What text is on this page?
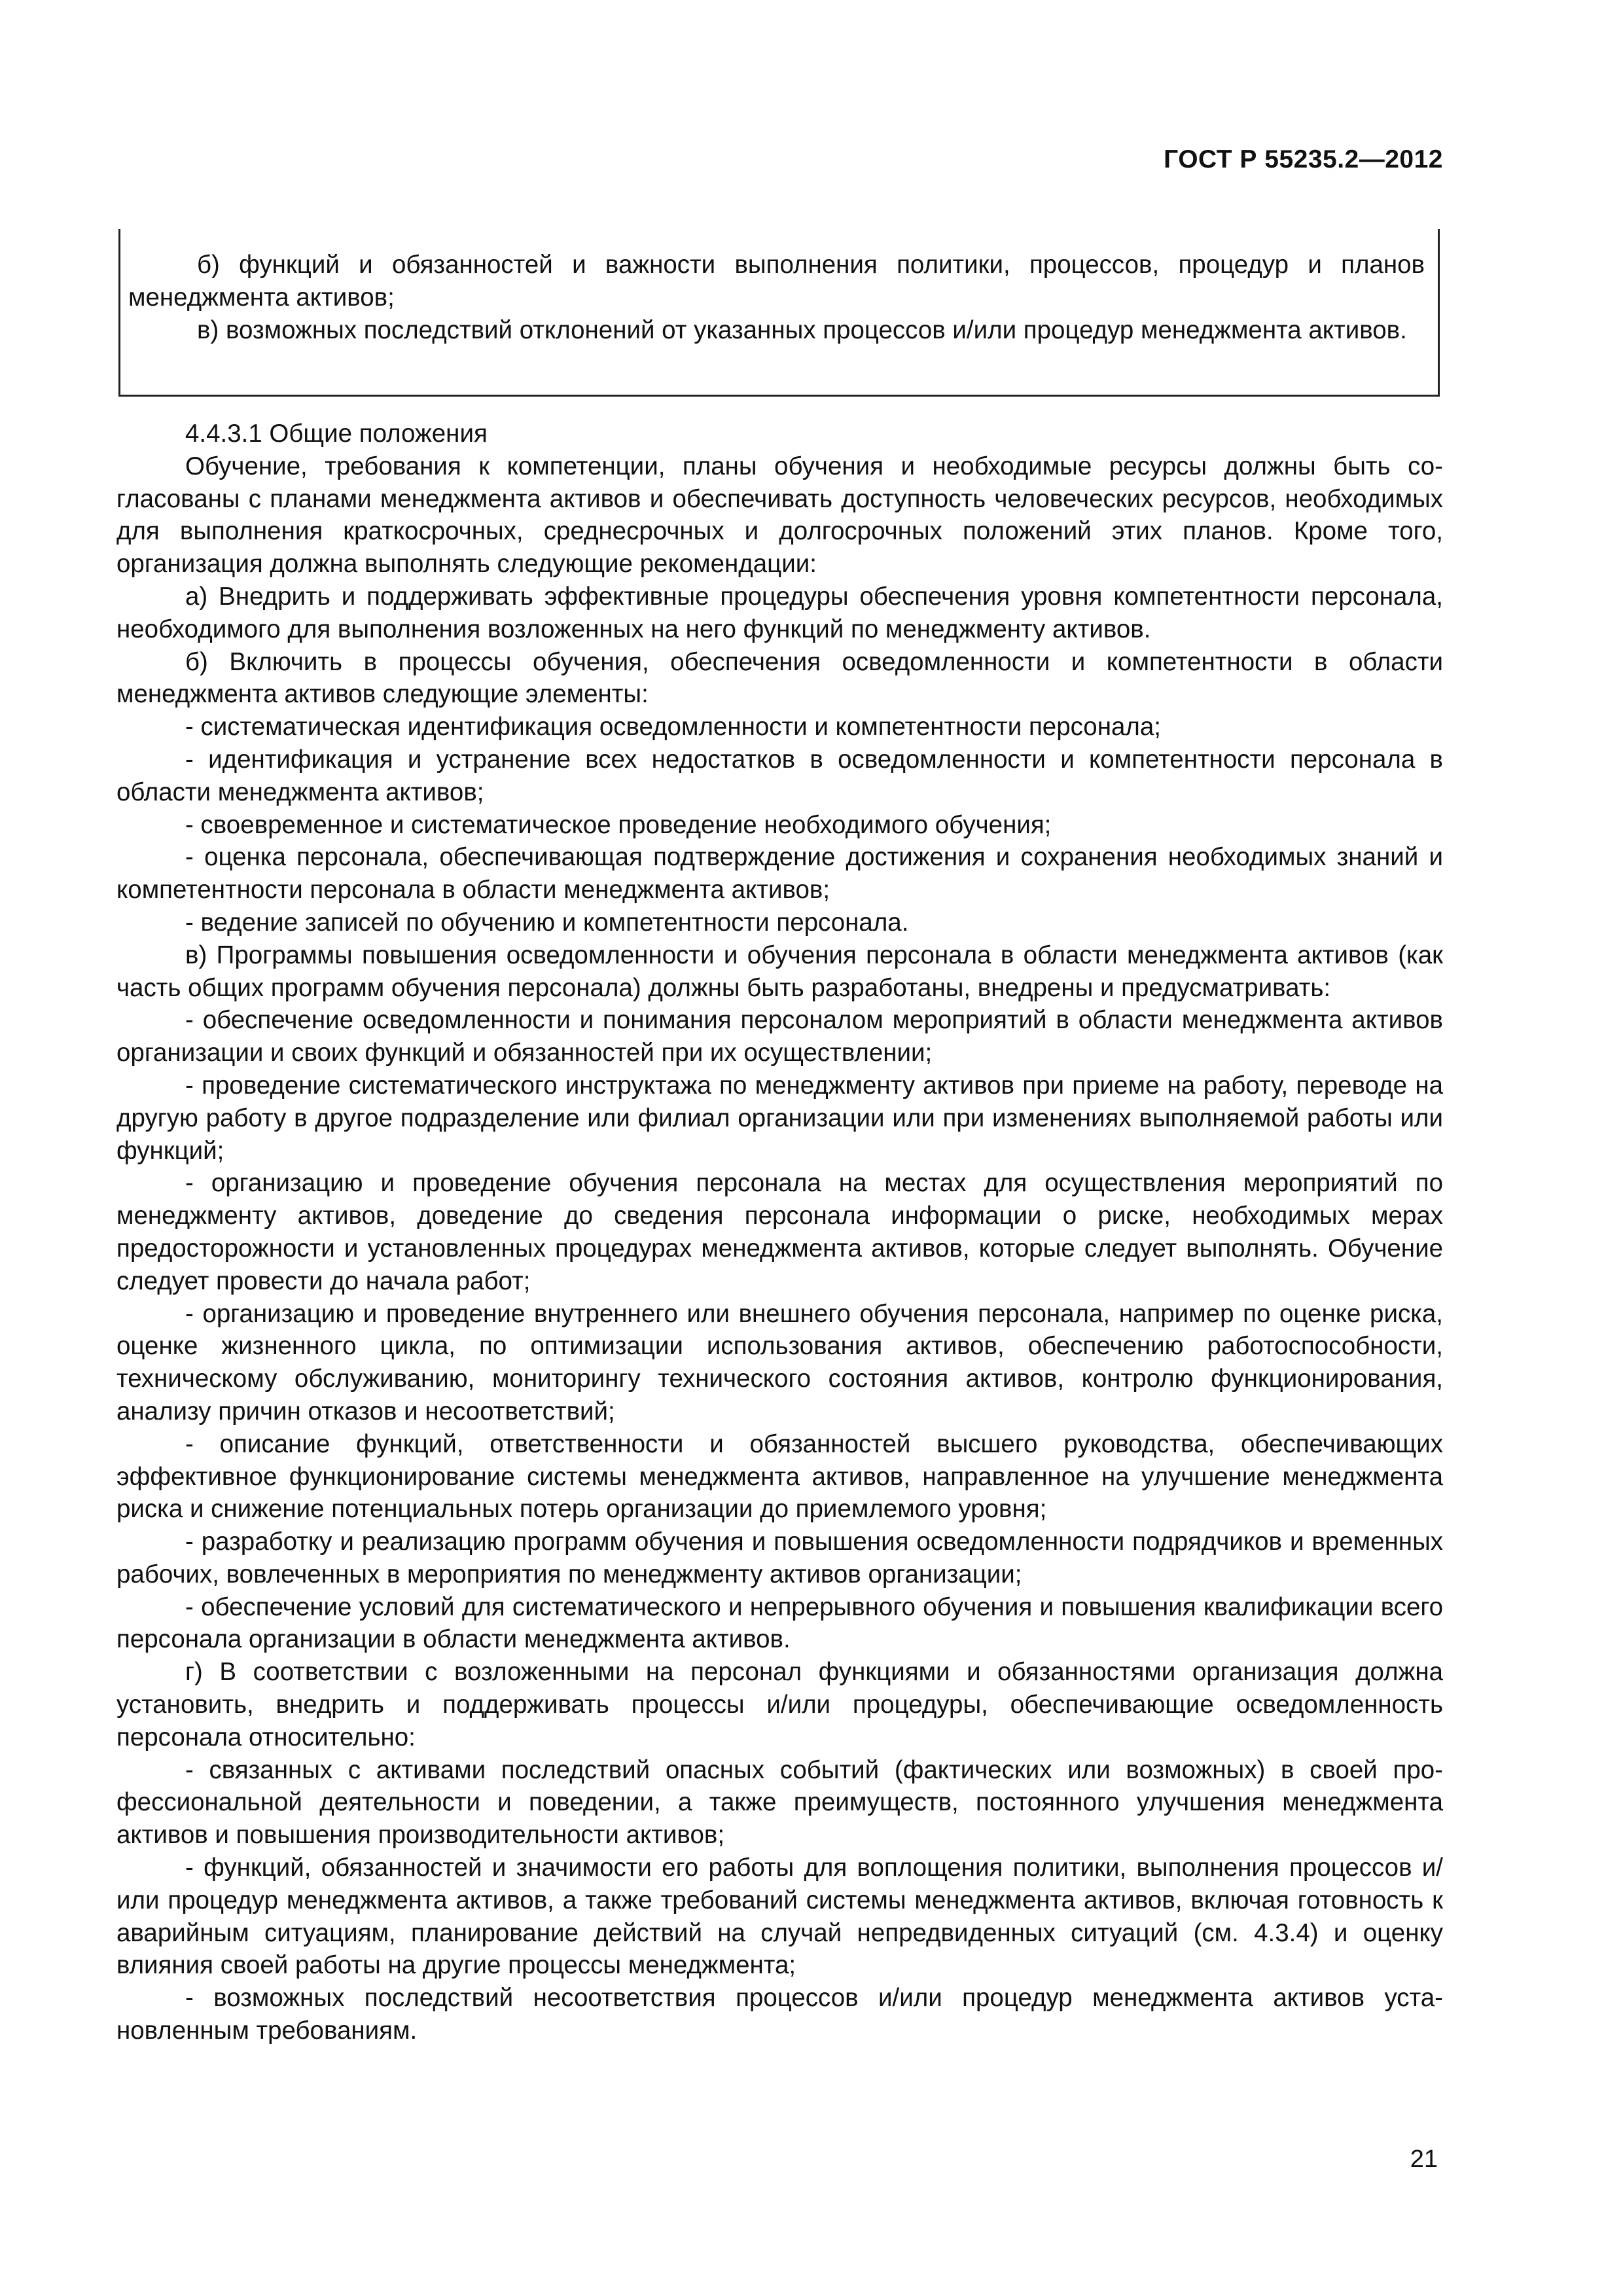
ГОСТ Р 55235.2—2012

б) функций и обязанностей и важности выполнения политики, процессов, процедур и планов менеджмента активов;

в) возможных последствий отклонений от указанных процессов и/или процедур менеджмента активов.

4.4.3.1 Общие положения

Обучение, требования к компетенции, планы обучения и необходимые ресурсы должны быть согласованы с планами менеджмента активов и обеспечивать доступность человеческих ресурсов, необходимых для выполнения краткосрочных, среднесрочных и долгосрочных положений этих планов. Кроме того, организация должна выполнять следующие рекомендации:

а) Внедрить и поддерживать эффективные процедуры обеспечения уровня компетентности персонала, необходимого для выполнения возложенных на него функций по менеджменту активов.

б) Включить в процессы обучения, обеспечения осведомленности и компетентности в области менеджмента активов следующие элементы:

- систематическая идентификация осведомленности и компетентности персонала;

- идентификация и устранение всех недостатков в осведомленности и компетентности персонала в области менеджмента активов;

- своевременное и систематическое проведение необходимого обучения;

- оценка персонала, обеспечивающая подтверждение достижения и сохранения необходимых знаний и компетентности персонала в области менеджмента активов;

- ведение записей по обучению и компетентности персонала.

в) Программы повышения осведомленности и обучения персонала в области менеджмента активов (как часть общих программ обучения персонала) должны быть разработаны, внедрены и предусматривать:

- обеспечение осведомленности и понимания персоналом мероприятий в области менеджмента активов организации и своих функций и обязанностей при их осуществлении;

- проведение систематического инструктажа по менеджменту активов при приеме на работу, переводе на другую работу в другое подразделение или филиал организации или при изменениях выполняемой работы или функций;

- организацию и проведение обучения персонала на местах для осуществления мероприятий по менеджменту активов, доведение до сведения персонала информации о риске, необходимых мерах предосторожности и установленных процедурах менеджмента активов, которые следует выполнять. Обучение следует провести до начала работ;

- организацию и проведение внутреннего или внешнего обучения персонала, например по оценке риска, оценке жизненного цикла, по оптимизации использования активов, обеспечению работоспособности, техническому обслуживанию, мониторингу технического состояния активов, контролю функционирования, анализу причин отказов и несоответствий;

- описание функций, ответственности и обязанностей высшего руководства, обеспечивающих эффективное функционирование системы менеджмента активов, направленное на улучшение менеджмента риска и снижение потенциальных потерь организации до приемлемого уровня;

- разработку и реализацию программ обучения и повышения осведомленности подрядчиков и временных рабочих, вовлеченных в мероприятия по менеджменту активов организации;

- обеспечение условий для систематического и непрерывного обучения и повышения квалификации всего персонала организации в области менеджмента активов.

г) В соответствии с возложенными на персонал функциями и обязанностями организация должна установить, внедрить и поддерживать процессы и/или процедуры, обеспечивающие осведомленность персонала относительно:

- связанных с активами последствий опасных событий (фактических или возможных) в своей профессиональной деятельности и поведении, а также преимуществ, постоянного улучшения менеджмента активов и повышения производительности активов;

- функций, обязанностей и значимости его работы для воплощения политики, выполнения процессов и/или процедур менеджмента активов, а также требований системы менеджмента активов, включая готовность к аварийным ситуациям, планирование действий на случай непредвиденных ситуаций (см. 4.3.4) и оценку влияния своей работы на другие процессы менеджмента;

- возможных последствий несоответствия процессов и/или процедур менеджмента активов установленным требованиям.

21
